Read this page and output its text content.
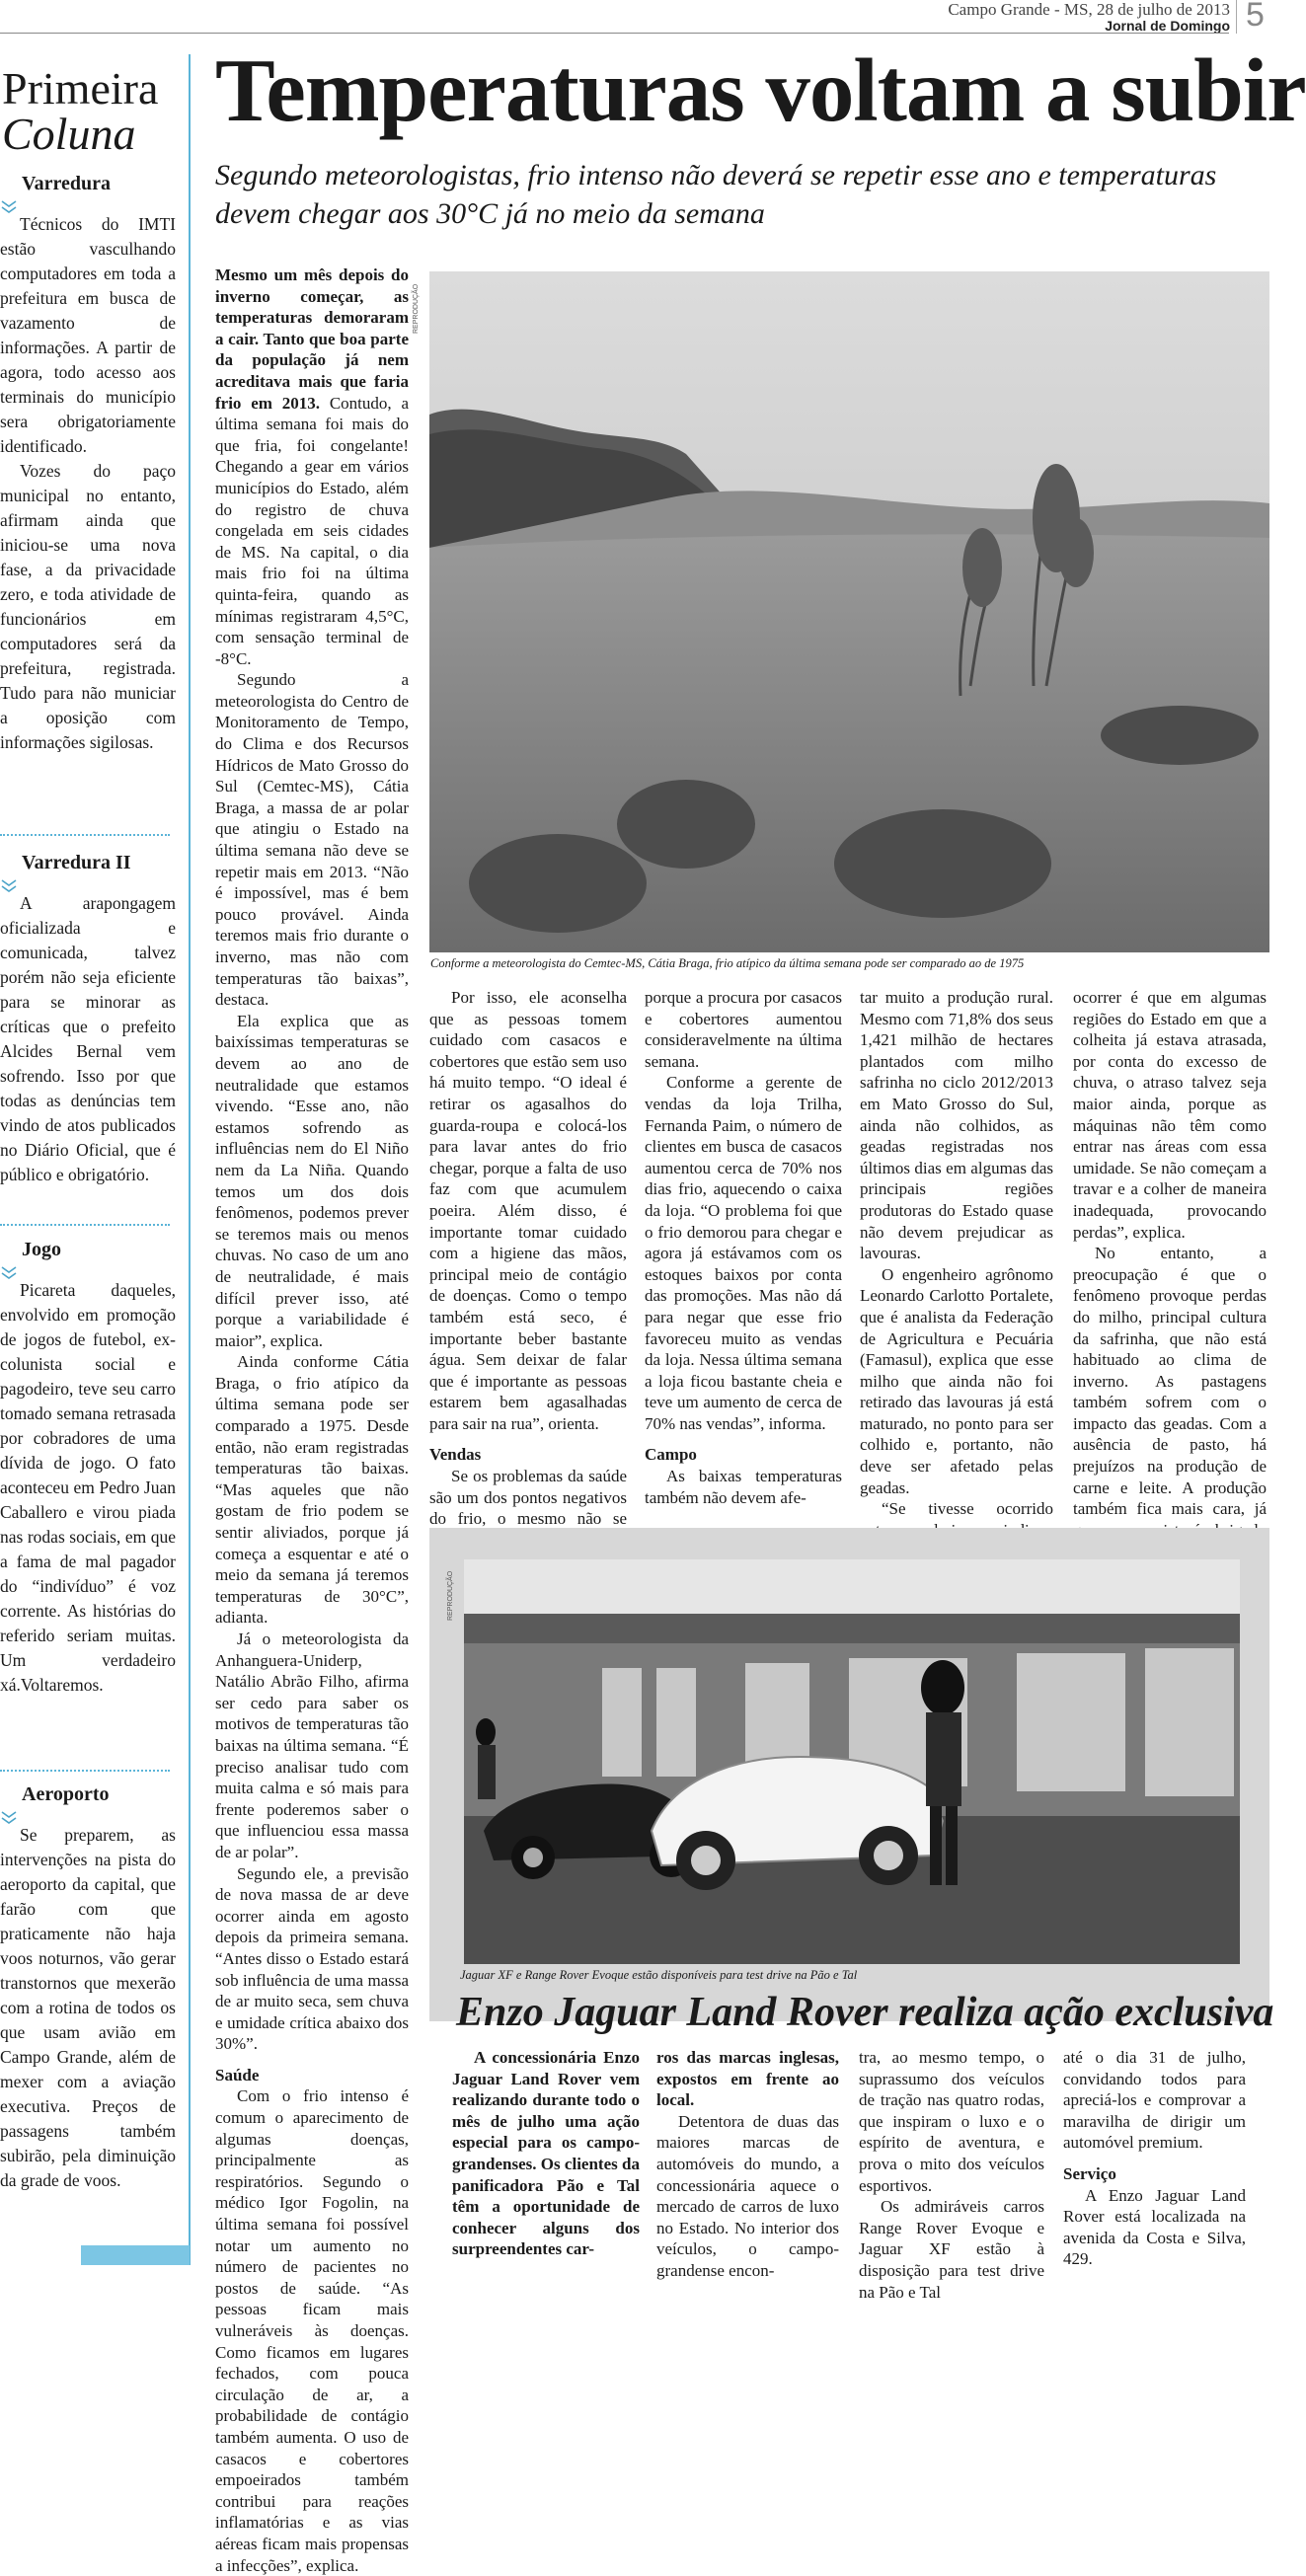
Campo Grande - MS, 28 de julho de 2013
Jornal de Domingo 5
Primeira
Coluna
Varredura

Técnicos do IMTI estão vasculhando computadores em toda a prefeitura em busca de vazamento de informações. A partir de agora, todo acesso aos terminais do município sera obrigatoriamente identificado.

Vozes do paço municipal no entanto, afirmam ainda que iniciou-se uma nova fase, a da privacidade zero, e toda atividade de funcionários em computadores será da prefeitura, registrada. Tudo para não municiar a oposição com informações sigilosas.

Varredura II

A arapongagem oficializada e comunicada, talvez porém não seja eficiente para se minorar as críticas que o prefeito Alcides Bernal vem sofrendo. Isso por que todas as denúncias tem vindo de atos publicados no Diário Oficial, que é público e obrigatório.

Jogo

Picareta daqueles, envolvido em promoção de jogos de futebol, ex-colunista social e pagodeiro, teve seu carro tomado semana retrasada por cobradores de uma dívida de jogo. O fato aconteceu em Pedro Juan Caballero e virou piada nas rodas sociais, em que a fama de mal pagador do “indivíduo” é voz corrente. As histórias do referido seriam muitas. Um verdadeiro xá.Voltaremos.

Aeroporto

Se preparem, as intervenções na pista do aeroporto da capital, que farão com que praticamente não haja voos noturnos, vão gerar transtornos que mexerão com a rotina de todos os que usam avião em Campo Grande, além de mexer com a aviação executiva. Preços de passagens também subirão, pela diminuição da grade de voos.

Temperaturas voltam a subir
Segundo meteorologistas, frio intenso não deverá se repetir esse ano e temperaturas devem chegar aos 30°C já no meio da semana
REPRODUÇÃO
Conforme a meteorologista do Cemtec-MS, Cátia Braga, frio atípico da última semana pode ser comparado ao de 1975

Mesmo um mês depois do inverno começar, as temperaturas demoraram a cair. Tanto que boa parte da população já nem acreditava mais que faria frio em 2013. Contudo, a última semana foi mais do que fria, foi congelante! Chegando a gear em vários municípios do Estado, além do registro de chuva congelada em seis cidades de MS. Na capital, o dia mais frio foi na última quinta-feira, quando as mínimas registraram 4,5°C, com sensação terminal de -8°C.

Segundo a meteorologista do Centro de Monitoramento de Tempo, do Clima e dos Recursos Hídricos de Mato Grosso do Sul (Cemtec-MS), Cátia Braga, a massa de ar polar que atingiu o Estado na última semana não deve se repetir mais em 2013. “Não é impossível, mas é bem pouco provável. Ainda teremos mais frio durante o inverno, mas não com temperaturas tão baixas”, destaca.

Ela explica que as baixíssimas temperaturas se devem ao ano de neutralidade que estamos vivendo. “Esse ano, não estamos sofrendo as influências nem do El Niño nem da La Niña. Quando temos um dos dois fenômenos, podemos prever se teremos mais ou menos chuvas. No caso de um ano de neutralidade, é mais difícil prever isso, até porque a variabilidade é maior”, explica.

Ainda conforme Cátia Braga, o frio atípico da última semana pode ser comparado a 1975. Desde então, não eram registradas temperaturas tão baixas. “Mas aqueles que não gostam de frio podem se sentir aliviados, porque já começa a esquentar e até o meio da semana já teremos temperaturas de 30°C”, adianta.

Já o meteorologista da Anhanguera-Uniderp, Natálio Abrão Filho, afirma ser cedo para saber os motivos de temperaturas tão baixas na última semana. “É preciso analisar tudo com muita calma e só mais para frente poderemos saber o que influenciou essa massa de ar polar”.

Segundo ele, a previsão de nova massa de ar deve ocorrer ainda em agosto depois da primeira semana. “Antes disso o Estado estará sob influência de uma massa de ar muito seca, sem chuva e umidade crítica abaixo dos 30%”.

Saúde

Com o frio intenso é comum o aparecimento de algumas doenças, principalmente as respiratórios. Segundo o médico Igor Fogolin, na última semana foi possível notar um aumento no número de pacientes no postos de saúde. “As pessoas ficam mais vulneráveis às doenças. Como ficamos em lugares fechados, com pouca circulação de ar, a probabilidade de contágio também aumenta. O uso de casacos e cobertores empoeirados também contribui para reações inflamatórias e as vias aéreas ficam mais propensas a infecções”, explica.

Por isso, ele aconselha que as pessoas tomem cuidado com casacos e cobertores que estão sem uso há muito tempo. “O ideal é retirar os agasalhos do guarda-roupa e colocá-los para lavar antes do frio chegar, porque a falta de uso faz com que acumulem poeira. Além disso, é importante tomar cuidado com a higiene das mãos, principal meio de contágio de doenças. Como o tempo também está seco, é importante beber bastante água. Sem deixar de falar que é importante as pessoas estarem bem agasalhadas para sair na rua”, orienta.

Vendas

Se os problemas da saúde são um dos pontos negativos do frio, o mesmo não se

porque a procura por casacos e cobertores aumentou consideravelmente na última semana.

Conforme a gerente de vendas da loja Trilha, Fernanda Paim, o número de clientes em busca de casacos aumentou cerca de 70% nos dias frio, aquecendo o caixa da loja. “O problema foi que o frio demorou para chegar e agora já estávamos com os estoques baixos por conta das promoções. Mas não dá para negar que esse frio favoreceu muito as vendas da loja. Nessa última semana a loja ficou bastante cheia e teve um aumento de cerca de 70% nas vendas”, informa.

Campo

As baixas temperaturas também não devem afe-

tar muito a produção rural. Mesmo com 71,8% dos seus 1,421 milhão de hectares plantados com milho safrinha no ciclo 2012/2013 em Mato Grosso do Sul, ainda não colhidos, as geadas registradas nos últimos dias em algumas das principais regiões produtoras do Estado quase não devem prejudicar as lavouras.

O engenheiro agrônomo Leonardo Carlotto Portalete, que é analista da Federação de Agricultura e Pecuária (Famasul), explica que esse milho que ainda não foi retirado das lavouras já está maturado, no ponto para ser colhido e, portanto, não deve ser afetado pelas geadas.

“Se tivesse ocorrido

ocorrer é que em algumas regiões do Estado em que a colheita já estava atrasada, por conta do excesso de chuva, o atraso talvez seja maior ainda, porque as máquinas não têm como entrar nas áreas com essa umidade. Se não começam a travar e a colher de maneira inadequada, provocando perdas”, explica.

No entanto, a preocupação é que o fenômeno provoque perdas do milho, principal cultura da safrinha, que não está habituado ao clima de inverno. As pastagens também sofrem com o impacto das geadas. Com a ausência de pasto, há prejuízos na produção de carne e leite. A produção também fica mais cara, já

REPRODUÇÃO
Jaguar XF e Range Rover Evoque estão disponíveis para test drive na Pão e Tal
Enzo Jaguar Land Rover realiza ação exclusiva

A concessionária Enzo Jaguar Land Rover vem realizando durante todo o mês de julho uma ação especial para os campo-grandenses. Os clientes da panificadora Pão e Tal têm a oportunidade de conhecer alguns dos surpreendentes car-

ros das marcas inglesas, expostos em frente ao local.

Detentora de duas das maiores marcas de automóveis do mundo, a concessionária aquece o mercado de carros de luxo no Estado. No interior dos veículos, o campo-grandense encon-

tra, ao mesmo tempo, o suprassumo dos veículos de tração nas quatro rodas, que inspiram o luxo e o espírito de aventura, e prova o mito dos veículos esportivos.

Os admiráveis carros Range Rover Evoque e Jaguar XF estão à disposição para test drive na Pão e Tal

até o dia 31 de julho, convidando todos para apreciá-los e comprovar a maravilha de dirigir um automóvel premium.

Serviço

A Enzo Jaguar Land Rover está localizada na avenida da Costa e Silva, 429.
